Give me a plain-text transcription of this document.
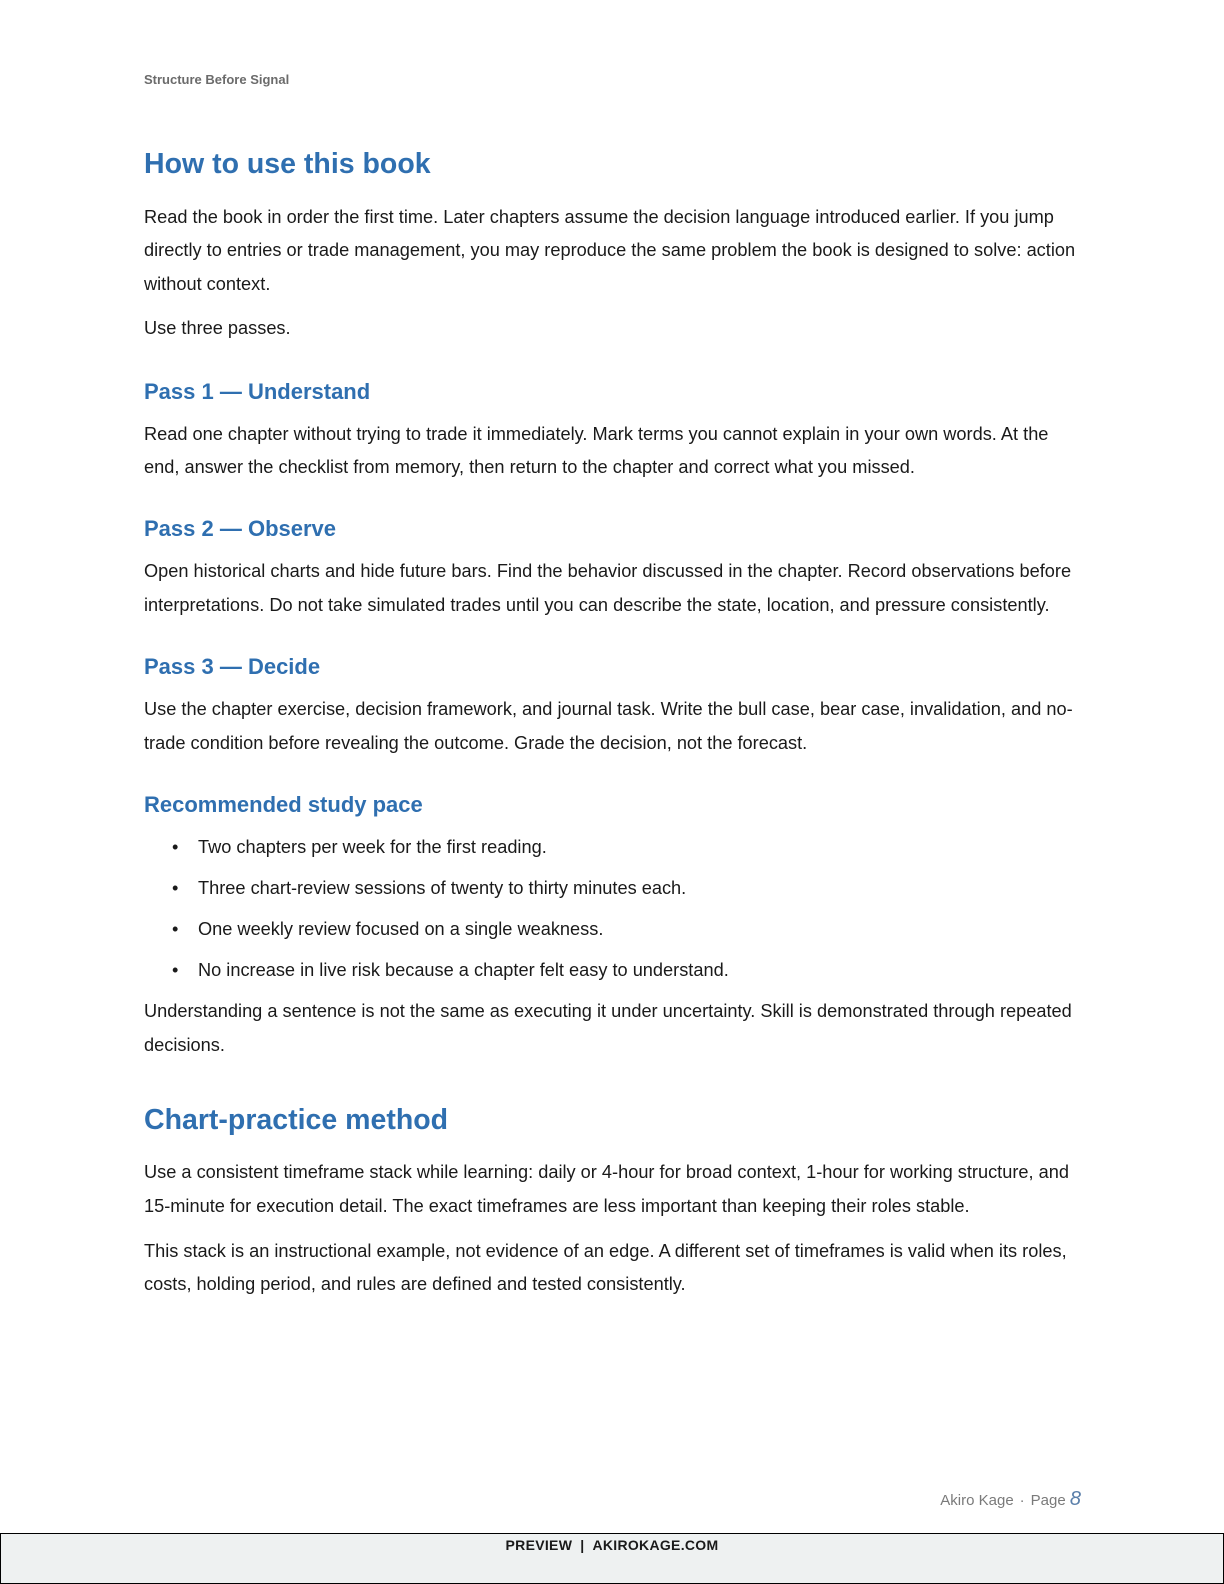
Structure Before Signal
How to use this book

Read the book in order the first time. Later chapters assume the decision language introduced earlier. If you jump directly to entries or trade management, you may reproduce the same problem the book is designed to solve: action without context.

Use three passes.

Pass 1 — Understand

Read one chapter without trying to trade it immediately. Mark terms you cannot explain in your own words. At the end, answer the checklist from memory, then return to the chapter and correct what you missed.

Pass 2 — Observe

Open historical charts and hide future bars. Find the behavior discussed in the chapter. Record observations before interpretations. Do not take simulated trades until you can describe the state, location, and pressure consistently.

Pass 3 — Decide

Use the chapter exercise, decision framework, and journal task. Write the bull case, bear case, invalidation, and no-trade condition before revealing the outcome. Grade the decision, not the forecast.

Recommended study pace
• Two chapters per week for the first reading.
• Three chart-review sessions of twenty to thirty minutes each.
• One weekly review focused on a single weakness.
• No increase in live risk because a chapter felt easy to understand.

Understanding a sentence is not the same as executing it under uncertainty. Skill is demonstrated through repeated decisions.

Chart-practice method

Use a consistent timeframe stack while learning: daily or 4-hour for broad context, 1-hour for working structure, and 15-minute for execution detail. The exact timeframes are less important than keeping their roles stable.

This stack is an instructional example, not evidence of an edge. A different set of timeframes is valid when its roles, costs, holding period, and rules are defined and tested consistently.

Akiro Kage · Page 8
PREVIEW | AKIROKAGE.COM
